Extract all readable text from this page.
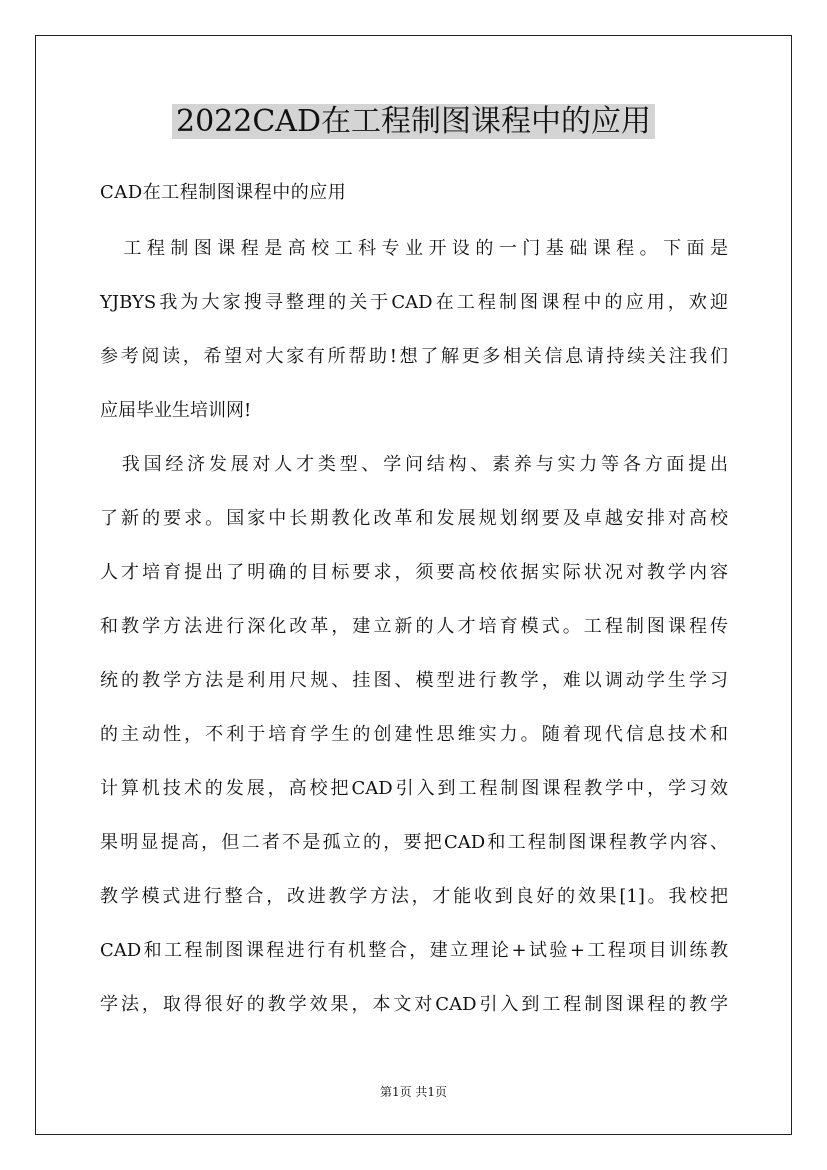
2022CAD在工程制图课程中的应用
CAD在工程制图课程中的应用
　工程制图课程是高校工科专业开设的一门基础课程。下面是
YJBYS我为大家搜寻整理的关于CAD在工程制图课程中的应用，欢迎
参考阅读，希望对大家有所帮助!想了解更多相关信息请持续关注我们
应届毕业生培训网!
　我国经济发展对人才类型、学问结构、素养与实力等各方面提出
了新的要求。国家中长期教化改革和发展规划纲要及卓越安排对高校
人才培育提出了明确的目标要求，须要高校依据实际状况对教学内容
和教学方法进行深化改革，建立新的人才培育模式。工程制图课程传
统的教学方法是利用尺规、挂图、模型进行教学，难以调动学生学习
的主动性，不利于培育学生的创建性思维实力。随着现代信息技术和
计算机技术的发展，高校把CAD引入到工程制图课程教学中，学习效
果明显提高，但二者不是孤立的，要把CAD和工程制图课程教学内容、
教学模式进行整合，改进教学方法，才能收到良好的效果[1]。我校把
CAD和工程制图课程进行有机整合，建立理论+试验+工程项目训练教
学法，取得很好的教学效果，本文对CAD引入到工程制图课程的教学
第1页 共1页
